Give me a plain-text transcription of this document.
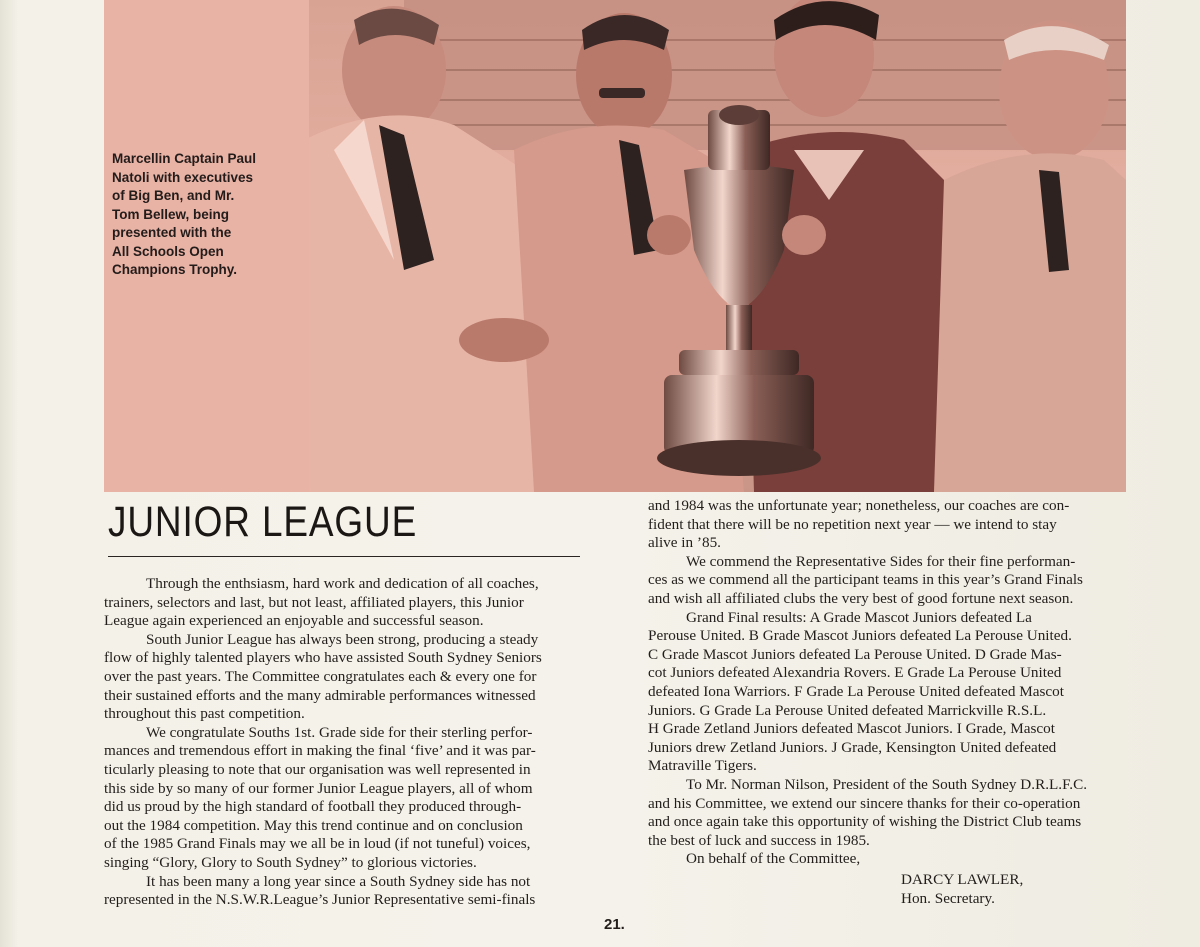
Marcellin Captain Paul
Natoli with executives
of Big Ben, and Mr.
Tom Bellew, being
presented with the
All Schools Open
Champions Trophy.
JUNIOR LEAGUE

Through the enthsiasm, hard work and dedication of all coaches,
trainers, selectors and last, but not least, affiliated players, this Junior
League again experienced an enjoyable and successful season.

South Junior League has always been strong, producing a steady
flow of highly talented players who have assisted South Sydney Seniors
over the past years. The Committee congratulates each & every one for
their sustained efforts and the many admirable performances witnessed
throughout this past competition.

We congratulate Souths 1st. Grade side for their sterling perfor-
mances and tremendous effort in making the final ‘five’ and it was par-
ticularly pleasing to note that our organisation was well represented in
this side by so many of our former Junior League players, all of whom
did us proud by the high standard of football they produced through-
out the 1984 competition. May this trend continue and on conclusion
of the 1985 Grand Finals may we all be in loud (if not tuneful) voices,
singing “Glory, Glory to South Sydney” to glorious victories.

It has been many a long year since a South Sydney side has not
represented in the N.S.W.R.League’s Junior Representative semi-finals

and 1984 was the unfortunate year; nonetheless, our coaches are con-
fident that there will be no repetition next year — we intend to stay
alive in ’85.

We commend the Representative Sides for their fine performan-
ces as we commend all the participant teams in this year’s Grand Finals
and wish all affiliated clubs the very best of good fortune next season.

Grand Final results: A Grade Mascot Juniors defeated La
Perouse United. B Grade Mascot Juniors defeated La Perouse United.
C Grade Mascot Juniors defeated La Perouse United. D Grade Mas-
cot Juniors defeated Alexandria Rovers. E Grade La Perouse United
defeated Iona Warriors. F Grade La Perouse United defeated Mascot
Juniors. G Grade La Perouse United defeated Marrickville R.S.L.
H Grade Zetland Juniors defeated Mascot Juniors. I Grade, Mascot
Juniors drew Zetland Juniors. J Grade, Kensington United defeated
Matraville Tigers.

To Mr. Norman Nilson, President of the South Sydney D.R.L.F.C.
and his Committee, we extend our sincere thanks for their co-operation
and once again take this opportunity of wishing the District Club teams
the best of luck and success in 1985.

On behalf of the Committee,

DARCY LAWLER,
Hon. Secretary.
21.
